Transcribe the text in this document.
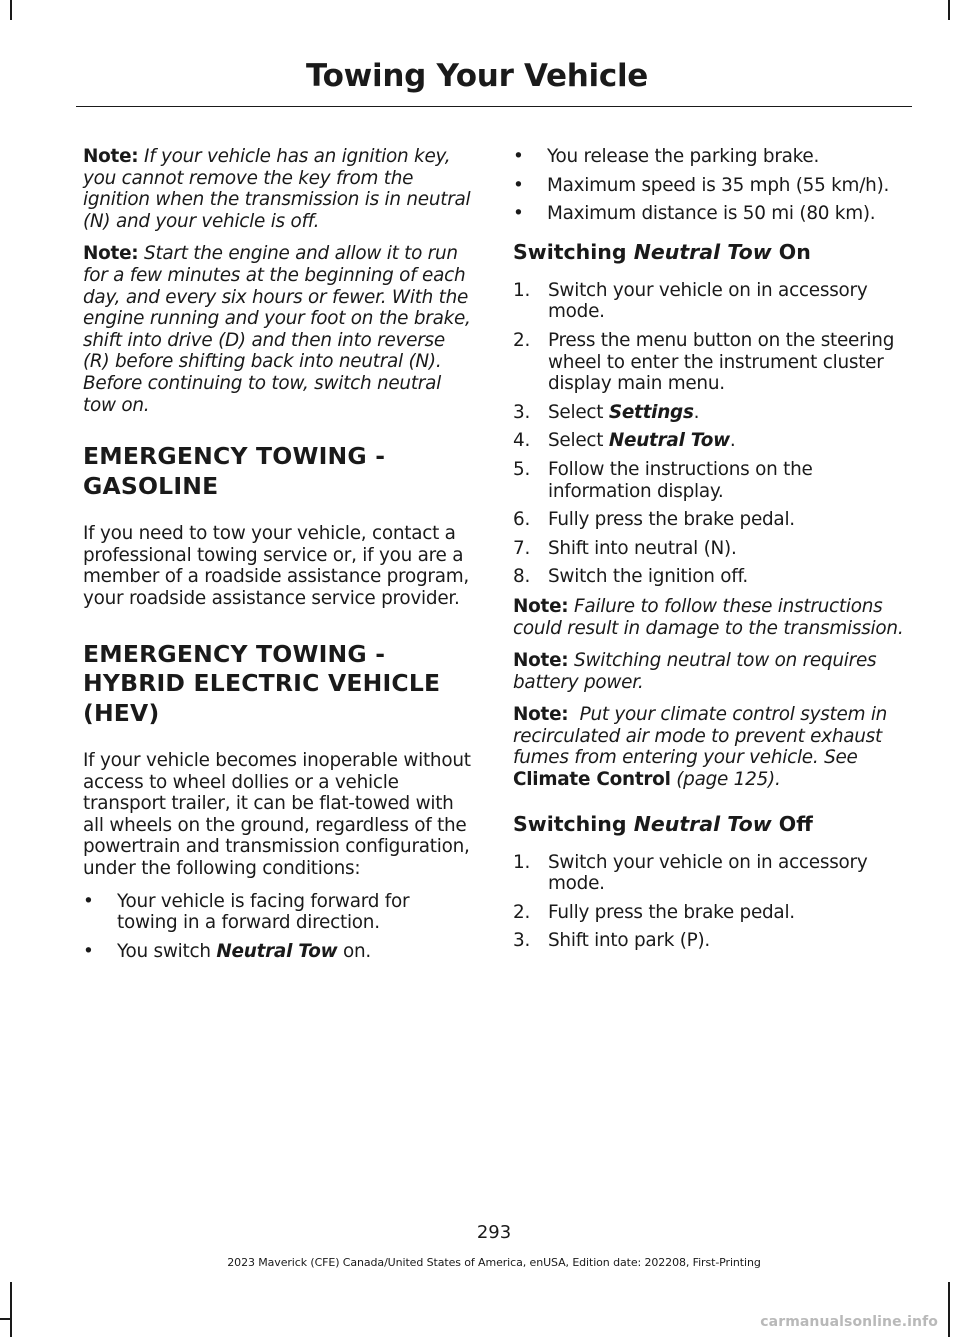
Towing Your Vehicle

Note: If your vehicle has an ignition key, you cannot remove the key from the ignition when the transmission is in neutral (N) and your vehicle is off.

Note: Start the engine and allow it to run for a few minutes at the beginning of each day, and every six hours or fewer. With the engine running and your foot on the brake, shift into drive (D) and then into reverse (R) before shifting back into neutral (N). Before continuing to tow, switch neutral tow on.

EMERGENCY TOWING -
GASOLINE

If you need to tow your vehicle, contact a professional towing service or, if you are a member of a roadside assistance program, your roadside assistance service provider.

EMERGENCY TOWING -
HYBRID ELECTRIC VEHICLE
(HEV)

If your vehicle becomes inoperable without access to wheel dollies or a vehicle transport trailer, it can be flat-towed with all wheels on the ground, regardless of the powertrain and transmission configuration, under the following conditions:

• Your vehicle is facing forward for towing in a forward direction.
• You switch Neutral Tow on.
• You release the parking brake.
• Maximum speed is 35 mph (55 km/h).
• Maximum distance is 50 mi (80 km).
Switching Neutral Tow On
1. Switch your vehicle on in accessory mode.
2. Press the menu button on the steering wheel to enter the instrument cluster display main menu.
3. Select Settings.
4. Select Neutral Tow.
5. Follow the instructions on the information display.
6. Fully press the brake pedal.
7. Shift into neutral (N).
8. Switch the ignition off.

Note: Failure to follow these instructions could result in damage to the transmission.

Note: Switching neutral tow on requires battery power.

Note: Put your climate control system in recirculated air mode to prevent exhaust fumes from entering your vehicle. See Climate Control (page 125).

Switching Neutral Tow Off
1. Switch your vehicle on in accessory mode.
2. Fully press the brake pedal.
3. Shift into park (P).
293
2023 Maverick (CFE) Canada/United States of America, enUSA, Edition date: 202208, First-Printing
carmanualsonline.info
